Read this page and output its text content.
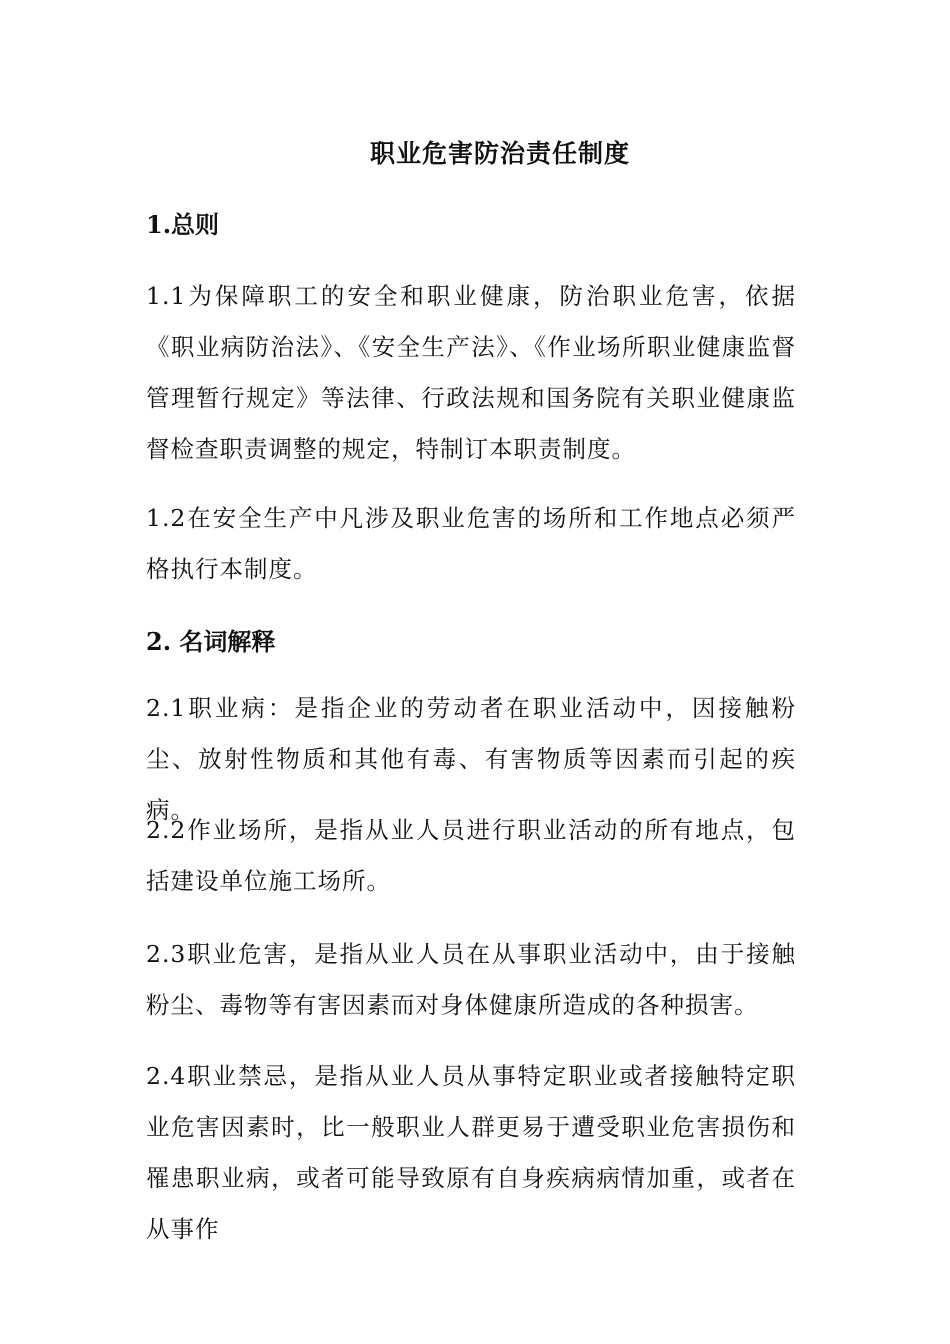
职业危害防治责任制度
1.总则

1.1为保障职工的安全和职业健康，防治职业危害，依据《职业病防治法》、《安全生产法》、《作业场所职业健康监督管理暂行规定》等法律、行政法规和国务院有关职业健康监督检查职责调整的规定，特制订本职责制度。

1.2在安全生产中凡涉及职业危害的场所和工作地点必须严格执行本制度。

2. 名词解释

2.1职业病：是指企业的劳动者在职业活动中，因接触粉尘、放射性物质和其他有毒、有害物质等因素而引起的疾病。

2.2作业场所，是指从业人员进行职业活动的所有地点，包括建设单位施工场所。

2.3职业危害，是指从业人员在从事职业活动中，由于接触粉尘、毒物等有害因素而对身体健康所造成的各种损害。

2.4职业禁忌，是指从业人员从事特定职业或者接触特定职业危害因素时，比一般职业人群更易于遭受职业危害损伤和罹患职业病，或者可能导致原有自身疾病病情加重，或者在从事作
